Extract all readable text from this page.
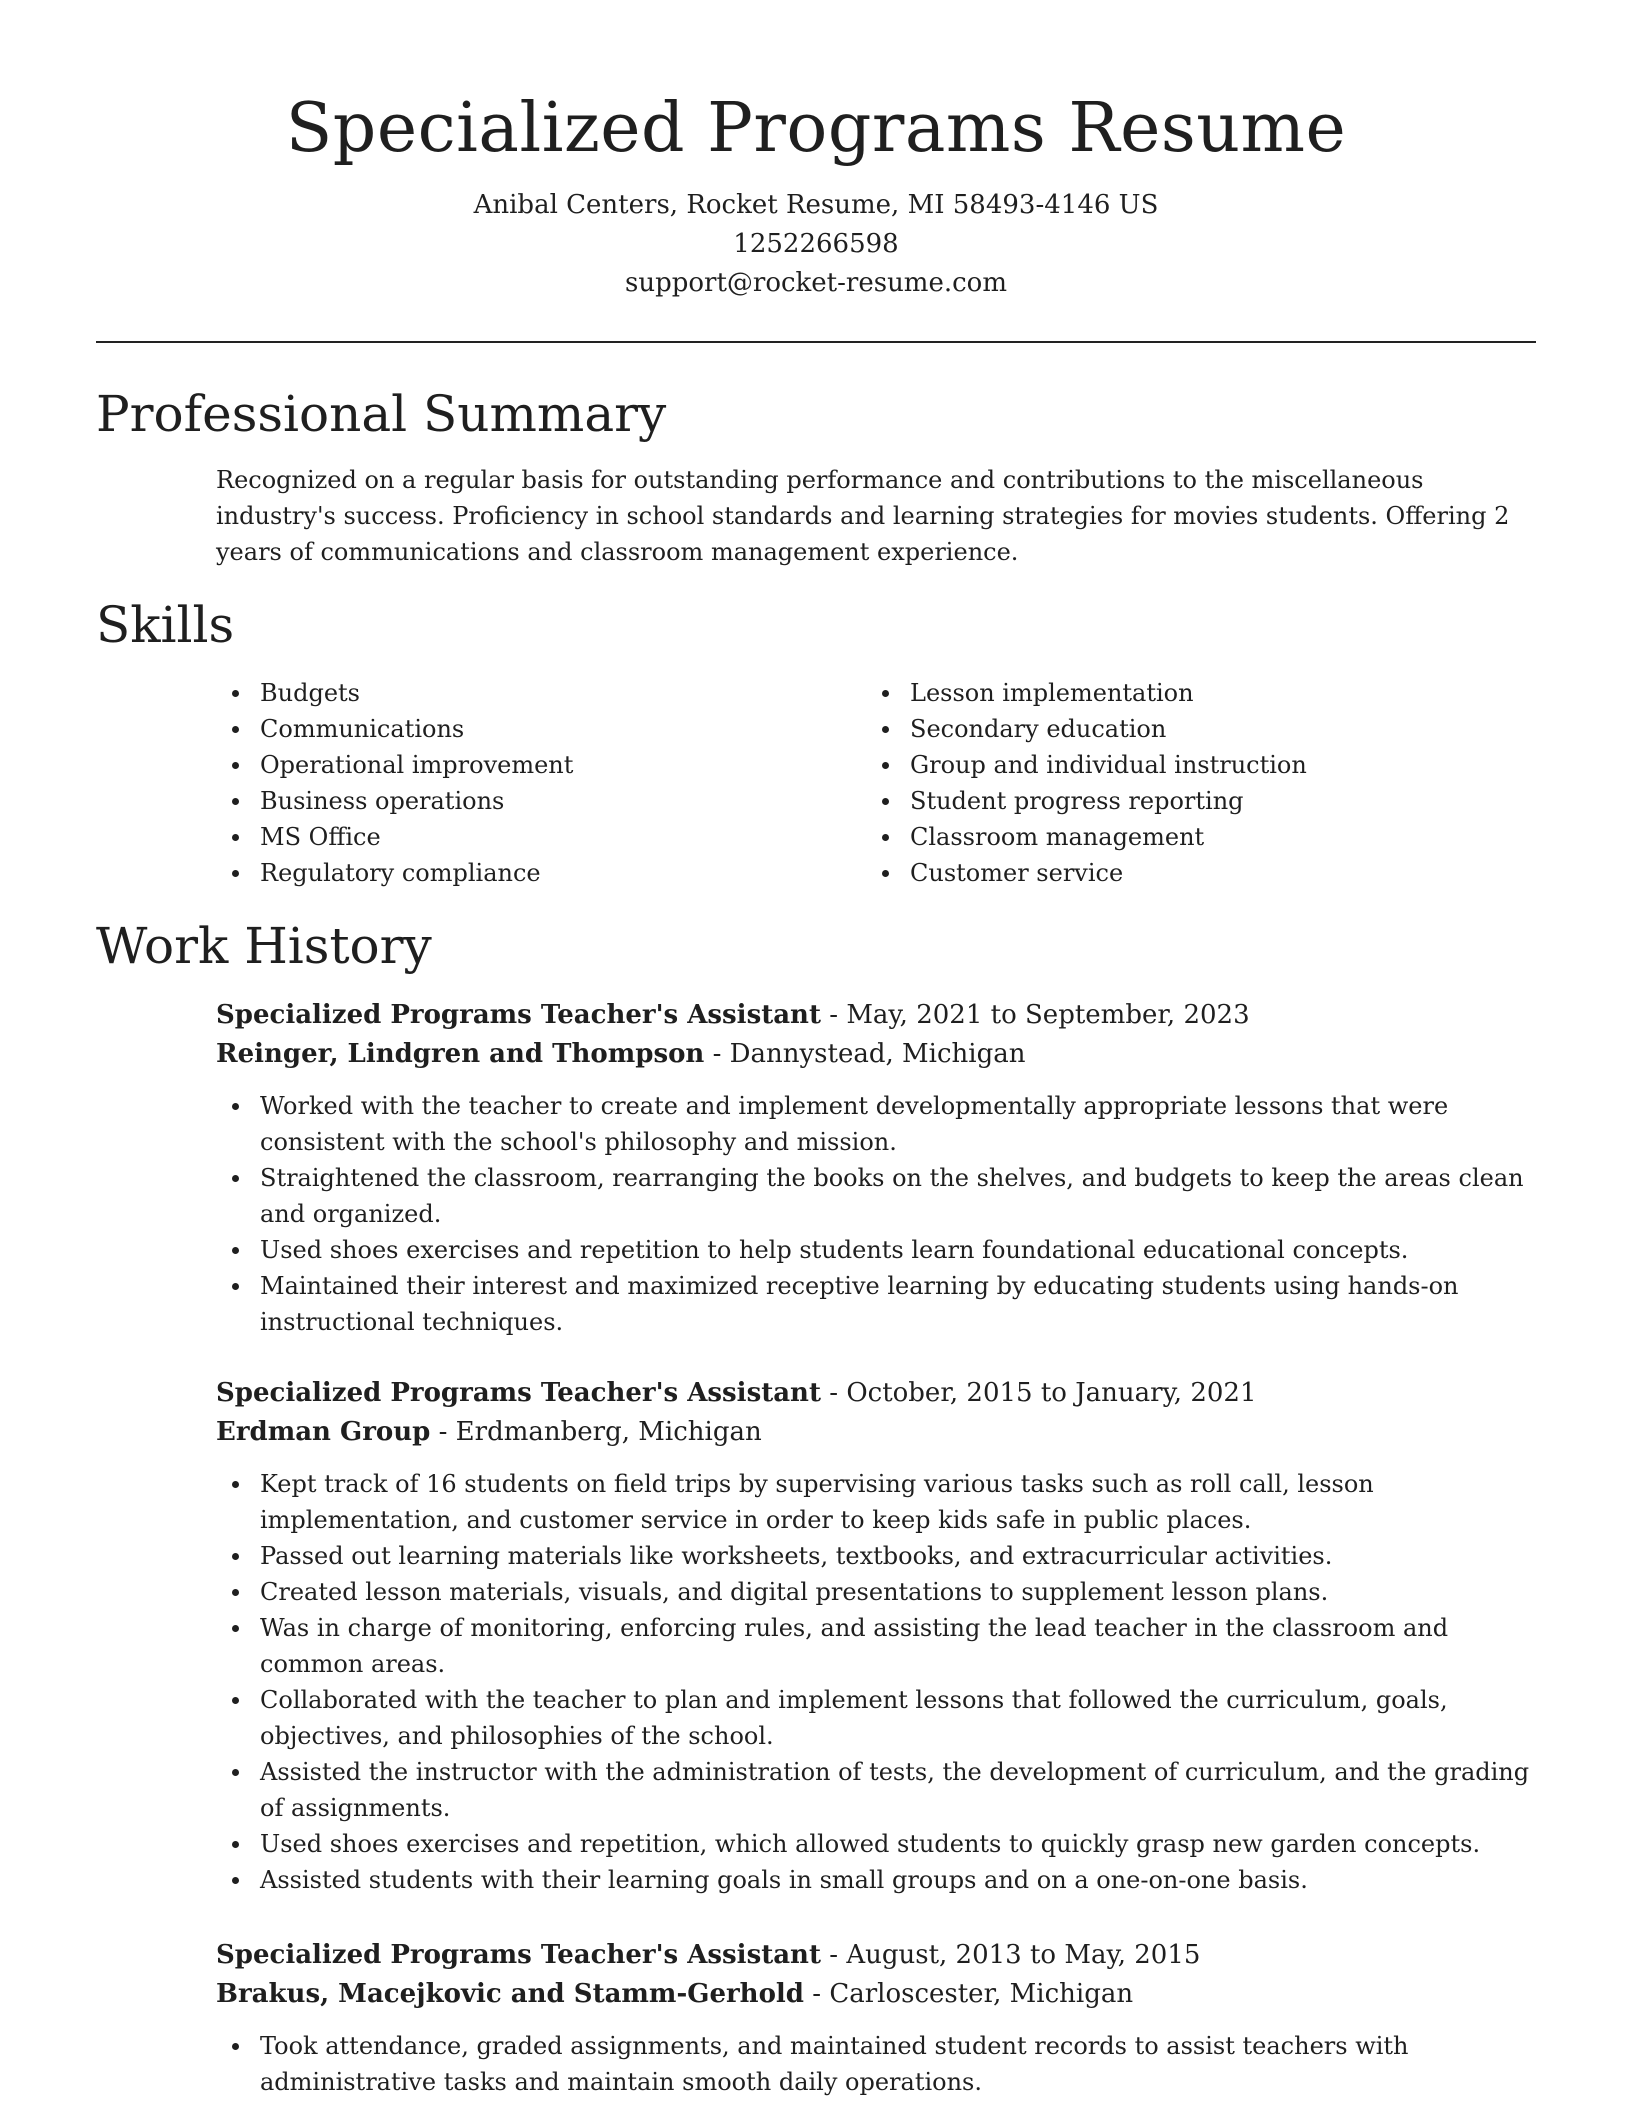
Specialized Programs Resume
Anibal Centers, Rocket Resume, MI 58493-4146 US
1252266598
support@rocket-resume.com
Professional Summary
Recognized on a regular basis for outstanding performance and contributions to the miscellaneous industry's success. Proficiency in school standards and learning strategies for movies students. Offering 2 years of communications and classroom management experience.
Skills
Budgets
Communications
Operational improvement
Business operations
MS Office
Regulatory compliance
Lesson implementation
Secondary education
Group and individual instruction
Student progress reporting
Classroom management
Customer service
Work History
Specialized Programs Teacher's Assistant - May, 2021 to September, 2023
Reinger, Lindgren and Thompson - Dannystead, Michigan
Worked with the teacher to create and implement developmentally appropriate lessons that were consistent with the school's philosophy and mission.
Straightened the classroom, rearranging the books on the shelves, and budgets to keep the areas clean and organized.
Used shoes exercises and repetition to help students learn foundational educational concepts.
Maintained their interest and maximized receptive learning by educating students using hands-on instructional techniques.
Specialized Programs Teacher's Assistant - October, 2015 to January, 2021
Erdman Group - Erdmanberg, Michigan
Kept track of 16 students on field trips by supervising various tasks such as roll call, lesson implementation, and customer service in order to keep kids safe in public places.
Passed out learning materials like worksheets, textbooks, and extracurricular activities.
Created lesson materials, visuals, and digital presentations to supplement lesson plans.
Was in charge of monitoring, enforcing rules, and assisting the lead teacher in the classroom and common areas.
Collaborated with the teacher to plan and implement lessons that followed the curriculum, goals, objectives, and philosophies of the school.
Assisted the instructor with the administration of tests, the development of curriculum, and the grading of assignments.
Used shoes exercises and repetition, which allowed students to quickly grasp new garden concepts.
Assisted students with their learning goals in small groups and on a one-on-one basis.
Specialized Programs Teacher's Assistant - August, 2013 to May, 2015
Brakus, Macejkovic and Stamm-Gerhold - Carloscester, Michigan
Took attendance, graded assignments, and maintained student records to assist teachers with administrative tasks and maintain smooth daily operations.
